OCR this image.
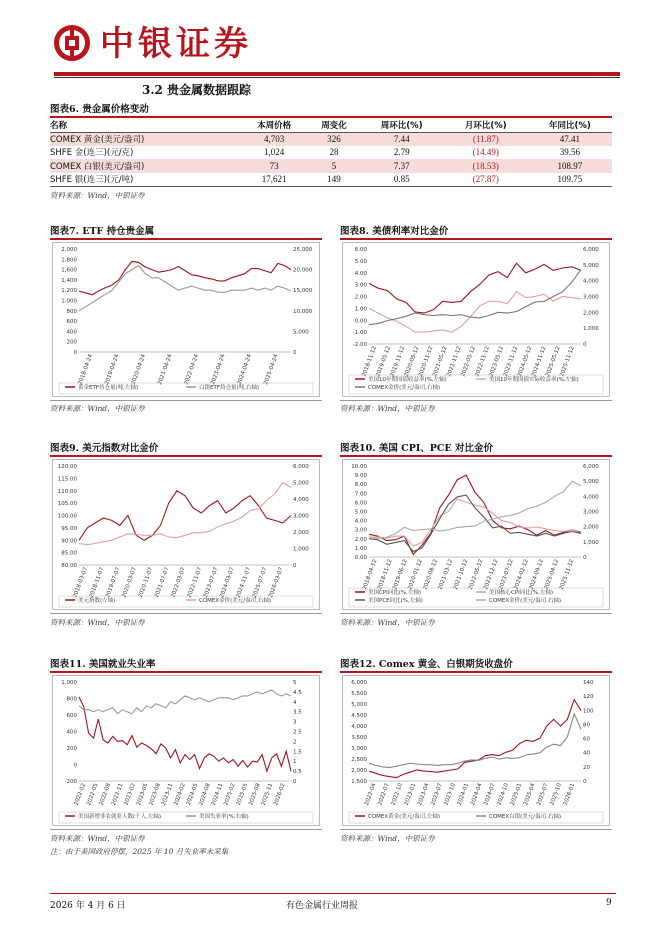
中银证券
3.2 贵金属数据跟踪
图表6. 贵金属价格变动
名称	本周价格	周变化	周环比(%)	月环比(%)	年同比(%)
COMEX 黄金(美元/盎司)	4,703	326	7.44	(11.87)	47.41
SHFE 金(连三)(元/克)	1,024	28	2.79	(14.49)	39.56
COMEX 白银(美元/盎司)	73	5	7.37	(18.53)	108.97
SHFE 银(连三)(元/吨)	17,621	149	0.85	(27.87)	109.75
资料来源：Wind，中银证券
图表7. ETF 持仓贵金属	图表8. 美债利率对比金价
资料来源：Wind，中银证券	资料来源：Wind，中银证券
图表9. 美元指数对比金价	图表10. 美国 CPI、PCE 对比金价
资料来源：Wind，中银证券	资料来源：Wind，中银证券
图表11. 美国就业失业率	图表12. Comex 黄金、白银期货收盘价
资料来源：Wind，中银证券
注：由于美国政府停摆，2025 年 10 月失业率未采集
资料来源：Wind，中银证券
2,000
1,800
1,600
1,400
1,200
1,000
800
600
400
200
0
25,000
20,000
15,000
10,000
5,000
0
2018-04-24 2019-04-24 2020-04-24 2021-04-24 2022-04-24 2023-04-24 2024-04-24 2025-04-24
黄金ETF持仓量(吨,左轴)	白银ETF持仓量(吨,右轴)
6.00
5.00
4.00
3.00
2.00
1.00
0.00
-1.00
-2.00
6,000
5,000
4,000
3,000
2,000
1,000
0
2018-11-12
2019-05-12
2019-11-12
2020-05-12
2020-11-12
2021-05-12
2021-11-12
2022-05-12
2022-11-12
2023-05-12
2023-11-12
2024-05-12
2024-11-12
2025-05-12
2025-11-12
美国10年期国债收益率(%,左轴)	美国10年期国债实际收益率(%,左轴)
COMEX金价(美元/盎司,右轴)
120.00
115.00
110.00
105.00
100.00
95.00
90.00
85.00
80.00
6,000
5,000
4,000
3,000
2,000
1,000
0
2018-03-07 2018-11-07 2019-07-07 2020-03-07 2020-11-07 2021-07-07 2022-03-07 2022-11-07 2023-07-07 2024-03-07 2024-11-07 2025-07-07 2026-03-07
美元指数(左轴)	COMEX金价(美元/盎司,右轴)
10.00
9.00
8.00
7.00
6.00
5.00
4.00
3.00
2.00
1.00
0.00
6,000
5,000
4,000
3,000
2,000
1,000
0
2018-04-12
2018-11-12
2019-06-12
2020-01-12
2020-08-12
2021-03-12
2021-10-12
2022-05-12
2022-12-12
2023-07-12
2024-02-12
2024-09-12
2025-04-12
2025-11-12
美国CPI同比(%,左轴)	美国核心CPI同比(%,左轴)
美国PCE同比(%,左轴)	COMEX金价(美元/盎司,右轴)
1,000
800
600
400
200
0
-200
5
4.5
4
3.5
3
2.5
2
1.5
1
0.5
0
2022-02
2022-05
2022-08
2022-11
2023-02
2023-05
2023-08
2023-11
2024-02
2024-05
2024-08
2024-11
2025-02
2025-05
2025-08
2025-11
2026-02
美国新增非农就业人数(千人,左轴)	美国失业率(%,右轴)
6,000
5,500
5,000
4,500
4,000
3,500
3,000
2,500
2,000
1,500
140
120
100
80
60
40
20
0
2022-04 2022-07 2022-10 2023-01 2023-04 2023-07 2023-10 2024-01 2024-04 2024-07 2024-10 2025-01 2025-04 2025-07 2025-10 2026-01
COMEX黄金(美元/盎司,左轴)	COMEX白银(美元/盎司,右轴)
2026 年 4 月 6 日	有色金属行业周报	9
